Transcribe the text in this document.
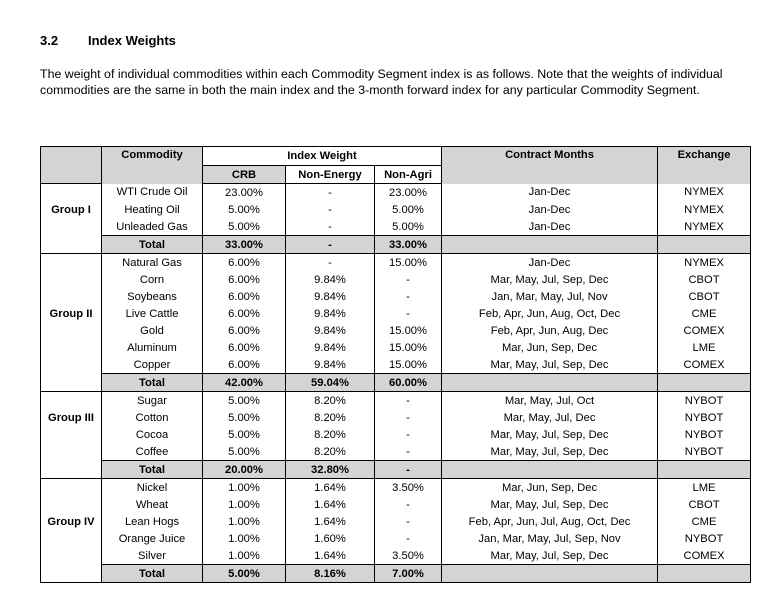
3.2 Index Weights
The weight of individual commodities within each Commodity Segment index is as follows. Note that the weights of individual commodities are the same in both the main index and the 3-month forward index for any particular Commodity Segment.
	Commodity	Index Weight			Contract Months	Exchange
		CRB	Non-Energy	Non-Agri		
	WTI Crude Oil	23.00%	-	23.00%	Jan-Dec	NYMEX
Group I	Heating Oil	5.00%	-	5.00%	Jan-Dec	NYMEX
	Unleaded Gas	5.00%	-	5.00%	Jan-Dec	NYMEX
	Total	33.00%	-	33.00%		
	Natural Gas	6.00%	-	15.00%	Jan-Dec	NYMEX
	Corn	6.00%	9.84%	-	Mar, May, Jul, Sep, Dec	CBOT
	Soybeans	6.00%	9.84%	-	Jan, Mar, May, Jul, Nov	CBOT
Group II	Live Cattle	6.00%	9.84%	-	Feb, Apr, Jun, Aug, Oct, Dec	CME
	Gold	6.00%	9.84%	15.00%	Feb, Apr, Jun, Aug, Dec	COMEX
	Aluminum	6.00%	9.84%	15.00%	Mar, Jun, Sep, Dec	LME
	Copper	6.00%	9.84%	15.00%	Mar, May, Jul, Sep, Dec	COMEX
	Total	42.00%	59.04%	60.00%		
	Sugar	5.00%	8.20%	-	Mar, May, Jul, Oct	NYBOT
Group III	Cotton	5.00%	8.20%	-	Mar, May, Jul, Dec	NYBOT
	Cocoa	5.00%	8.20%	-	Mar, May, Jul, Sep, Dec	NYBOT
	Coffee	5.00%	8.20%	-	Mar, May, Jul, Sep, Dec	NYBOT
	Total	20.00%	32.80%	-		
	Nickel	1.00%	1.64%	3.50%	Mar, Jun, Sep, Dec	LME
	Wheat	1.00%	1.64%	-	Mar, May, Jul, Sep, Dec	CBOT
Group IV	Lean Hogs	1.00%	1.64%	-	Feb, Apr, Jun, Jul, Aug, Oct, Dec	CME
	Orange Juice	1.00%	1.60%	-	Jan, Mar, May, Jul, Sep, Nov	NYBOT
	Silver	1.00%	1.64%	3.50%	Mar, May, Jul, Sep, Dec	COMEX
	Total	5.00%	8.16%	7.00%		
